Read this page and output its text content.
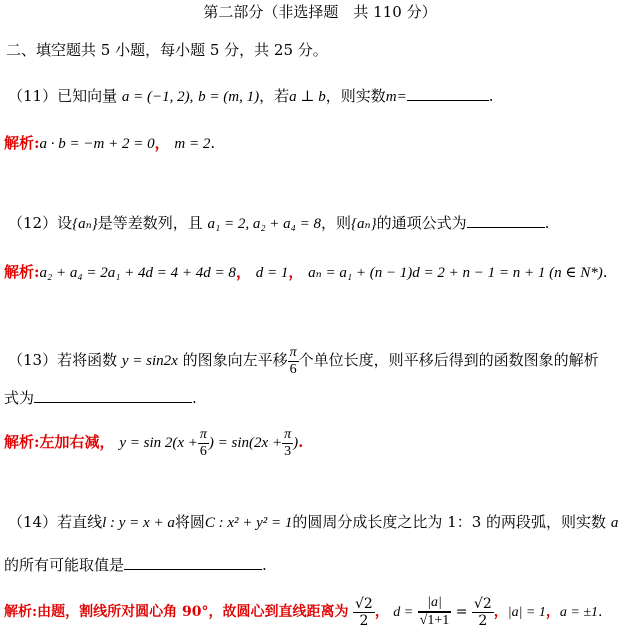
第二部分（非选择题　共 110 分）
二、填空题共 5 小题，每小题 5 分，共 25 分。
（11）已知向量 a = (−1, 2), b = (m, 1)，若a ⊥ b，则实数m=	.
解析:a · b = −m + 2 = 0， m = 2.
（12）设{aₙ}是等差数列，且 a₁ = 2, a₂ + a₄ = 8，则{aₙ}的通项公式为	.
解析:a₂ + a₄ = 2a₁ + 4d = 4 + 4d = 8， d = 1， aₙ = a₁ + (n − 1)d = 2 + n − 1 = n + 1 (n ∈ N*).
（13）若将函数 y = sin2x 的图象向左平移 $\frac{\pi}{6}$ 个单位长度，则平移后得到的函数图象的解析
式为	.
解析:左加右减， $y = \sin 2(x + \frac{\pi}{6}$ ) = $\sin(2x + \frac{\pi}{3}$ ).
（14）若直线l : y = x + a将圆C : x² + y² = 1的圆周分成长度之比为 1：3 的两段弧，则实数 a
的所有可能取值是	.
解析:由题，割线所对圆心角 90°，故圆心到直线距离为 $\frac{√2}{2}$ ， $d = \frac{|a|}{√1+1} = \frac{√2}{2}$ ，|a| = 1，a = ±1.
